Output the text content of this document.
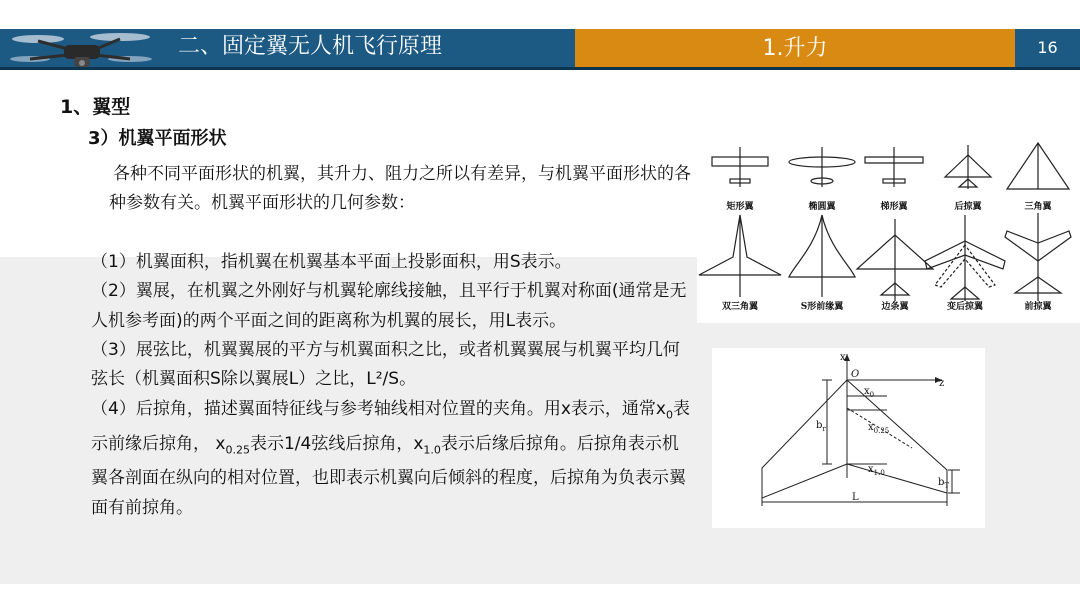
二、固定翼无人机飞行原理	1.升力	16
1、翼型
3）机翼平面形状

各种不同平面形状的机翼，其升力、阻力之所以有差异，与机翼平面形状的各种参数有关。机翼平面形状的几何参数：

（1）机翼面积，指机翼在机翼基本平面上投影面积，用S表示。

（2）翼展，在机翼之外刚好与机翼轮廓线接触，且平行于机翼对称面(通常是无人机参考面)的两个平面之间的距离称为机翼的展长，用L表示。

（3）展弦比，机翼翼展的平方与机翼面积之比，或者机翼翼展与机翼平均几何弦长（机翼面积S除以翼展L）之比，L²/S。

（4）后掠角，描述翼面特征线与参考轴线相对位置的夹角。用x表示，通常$x_0$表示前缘后掠角， $x_{0.25}$表示1/4弦线后掠角，$x_{1.0}$表示后缘后掠角。后掠角表示机翼各剖面在纵向的相对位置，也即表示机翼向后倾斜的程度，后掠角为负表示翼面有前掠角。

矩形翼	椭圆翼	梯形翼	后掠翼	三角翼
双三角翼	S形前缘翼	边条翼	变后掠翼	前掠翼
x
z
O
$x_0$
$x_{0.25}$
$x_{1.0}$
$b_r$
$b_T$
L
